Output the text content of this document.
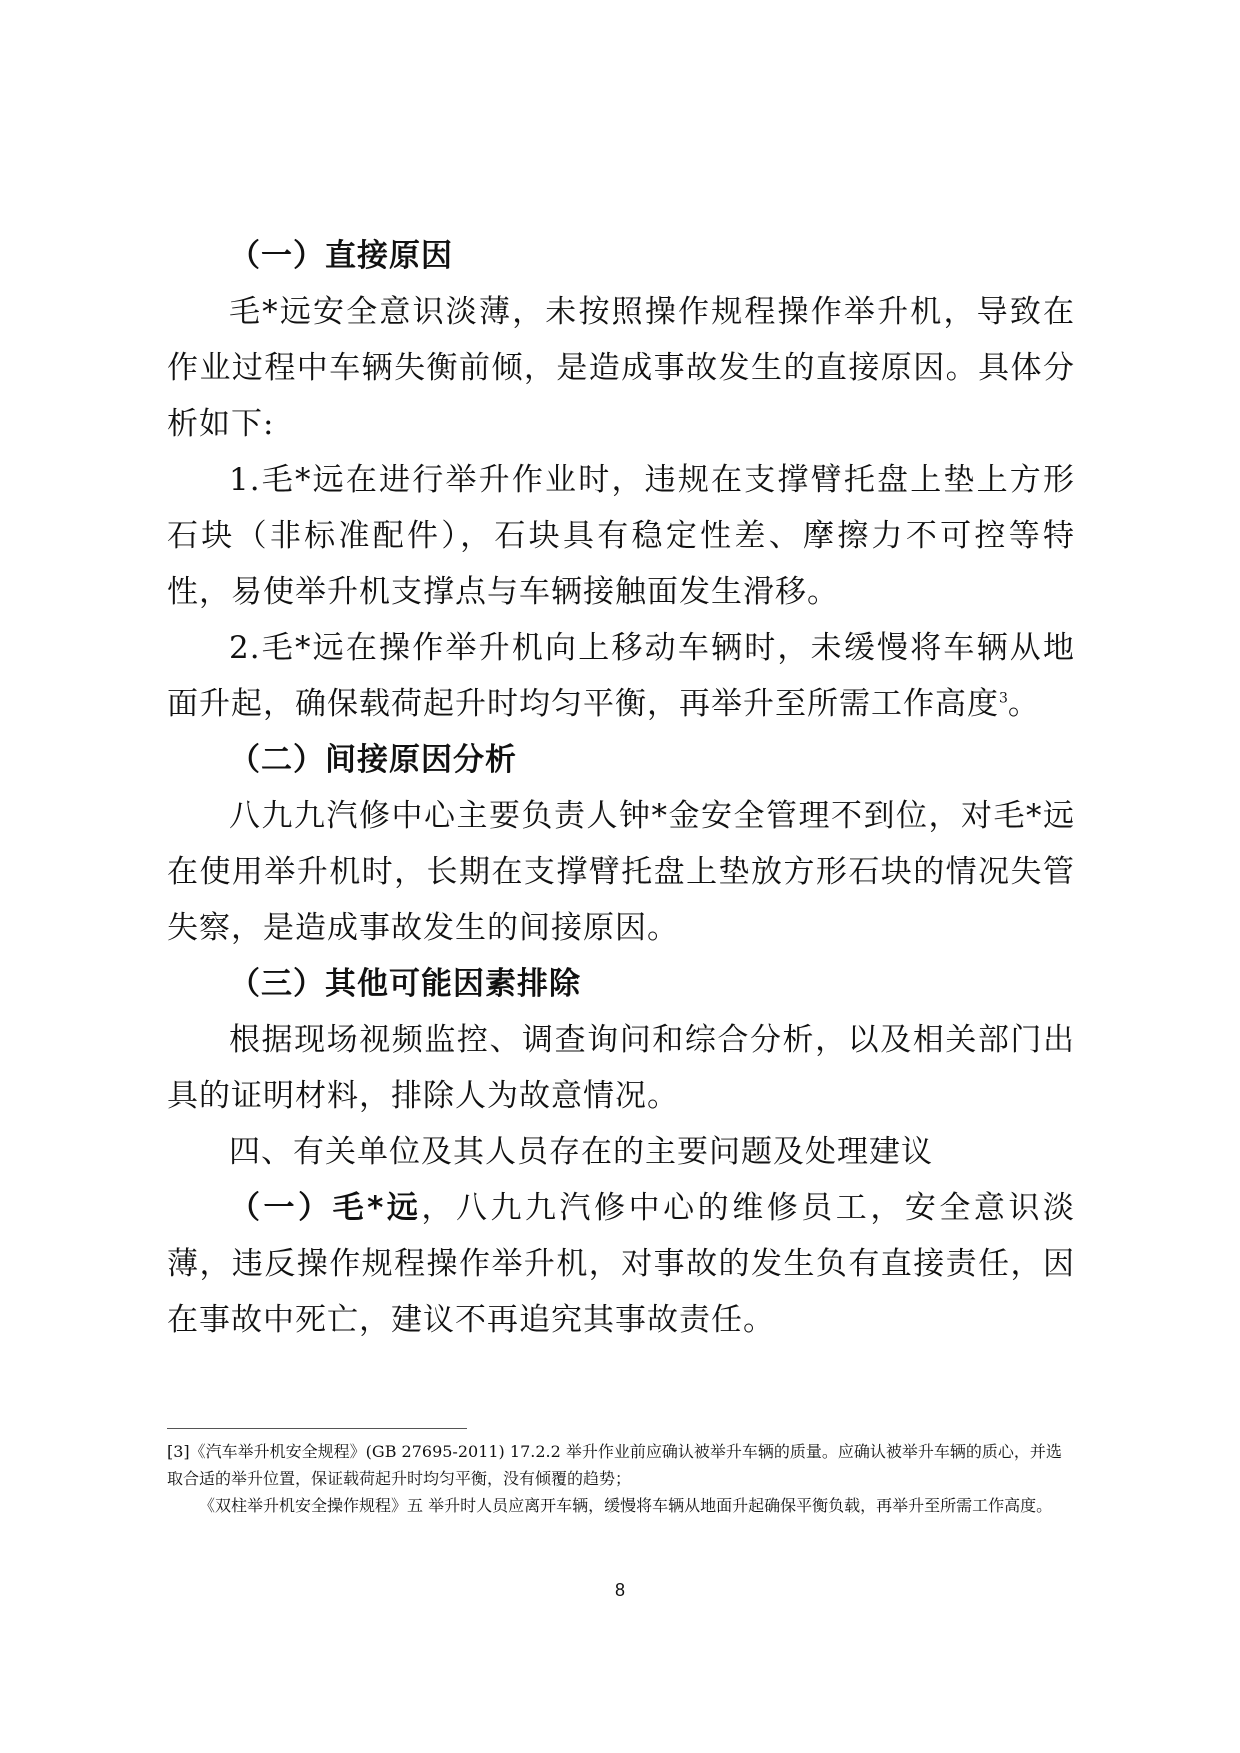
（一）直接原因

毛*远安全意识淡薄，未按照操作规程操作举升机，导致在作业过程中车辆失衡前倾，是造成事故发生的直接原因。具体分析如下:

1.毛*远在进行举升作业时，违规在支撑臂托盘上垫上方形石块（非标准配件），石块具有稳定性差、摩擦力不可控等特性，易使举升机支撑点与车辆接触面发生滑移。

2.毛*远在操作举升机向上移动车辆时，未缓慢将车辆从地面升起，确保载荷起升时均匀平衡，再举升至所需工作高度$^3$。

（二）间接原因分析

八九九汽修中心主要负责人钟*金安全管理不到位，对毛*远在使用举升机时，长期在支撑臂托盘上垫放方形石块的情况失管失察，是造成事故发生的间接原因。

（三）其他可能因素排除

根据现场视频监控、调查询问和综合分析，以及相关部门出具的证明材料，排除人为故意情况。

四、有关单位及其人员存在的主要问题及处理建议

（一）毛*远，八九九汽修中心的维修员工，安全意识淡薄，违反操作规程操作举升机，对事故的发生负有直接责任，因在事故中死亡，建议不再追究其事故责任。

[3]《汽车举升机安全规程》(GB 27695-2011) 17.2.2 举升作业前应确认被举升车辆的质量。应确认被举升车辆的质心，并选取合适的举升位置，保证载荷起升时均匀平衡，没有倾覆的趋势；

《双柱举升机安全操作规程》五 举升时人员应离开车辆，缓慢将车辆从地面升起确保平衡负载，再举升至所需工作高度。

8
